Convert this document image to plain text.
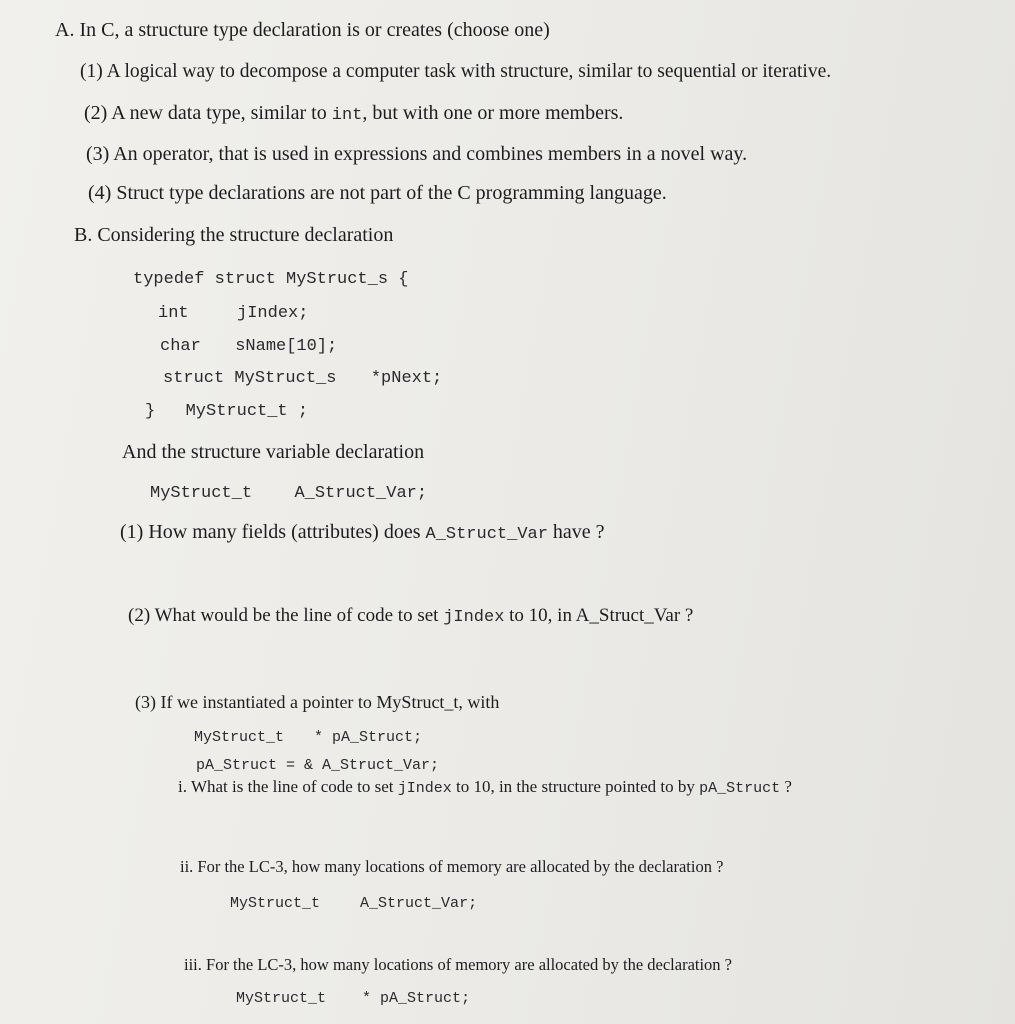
A. In C, a structure type declaration is or creates (choose one)
(1) A logical way to decompose a computer task with structure, similar to sequential or iterative.
(2) A new data type, similar to int, but with one or more members.
(3) An operator, that is used in expressions and combines members in a novel way.
(4) Struct type declarations are not part of the C programming language.
B. Considering the structure declaration
typedef struct MyStruct_s {
int	jIndex;
char sName[10];
struct MyStruct_s *pNext;
} MyStruct_t ;
And the structure variable declaration
MyStruct_t A_Struct_Var;
(1) How many fields (attributes) does A_Struct_Var have ?
(2) What would be the line of code to set jIndex to 10, in A_Struct_Var ?
(3) If we instantiated a pointer to MyStruct_t, with
MyStruct_t * pA_Struct;
pA_Struct = & A_Struct_Var;
i. What is the line of code to set jIndex to 10, in the structure pointed to by pA_Struct ?
ii. For the LC-3, how many locations of memory are allocated by the declaration ?
MyStruct_t	A_Struct_Var;
iii. For the LC-3, how many locations of memory are allocated by the declaration ?
MyStruct_t * pA_Struct;
